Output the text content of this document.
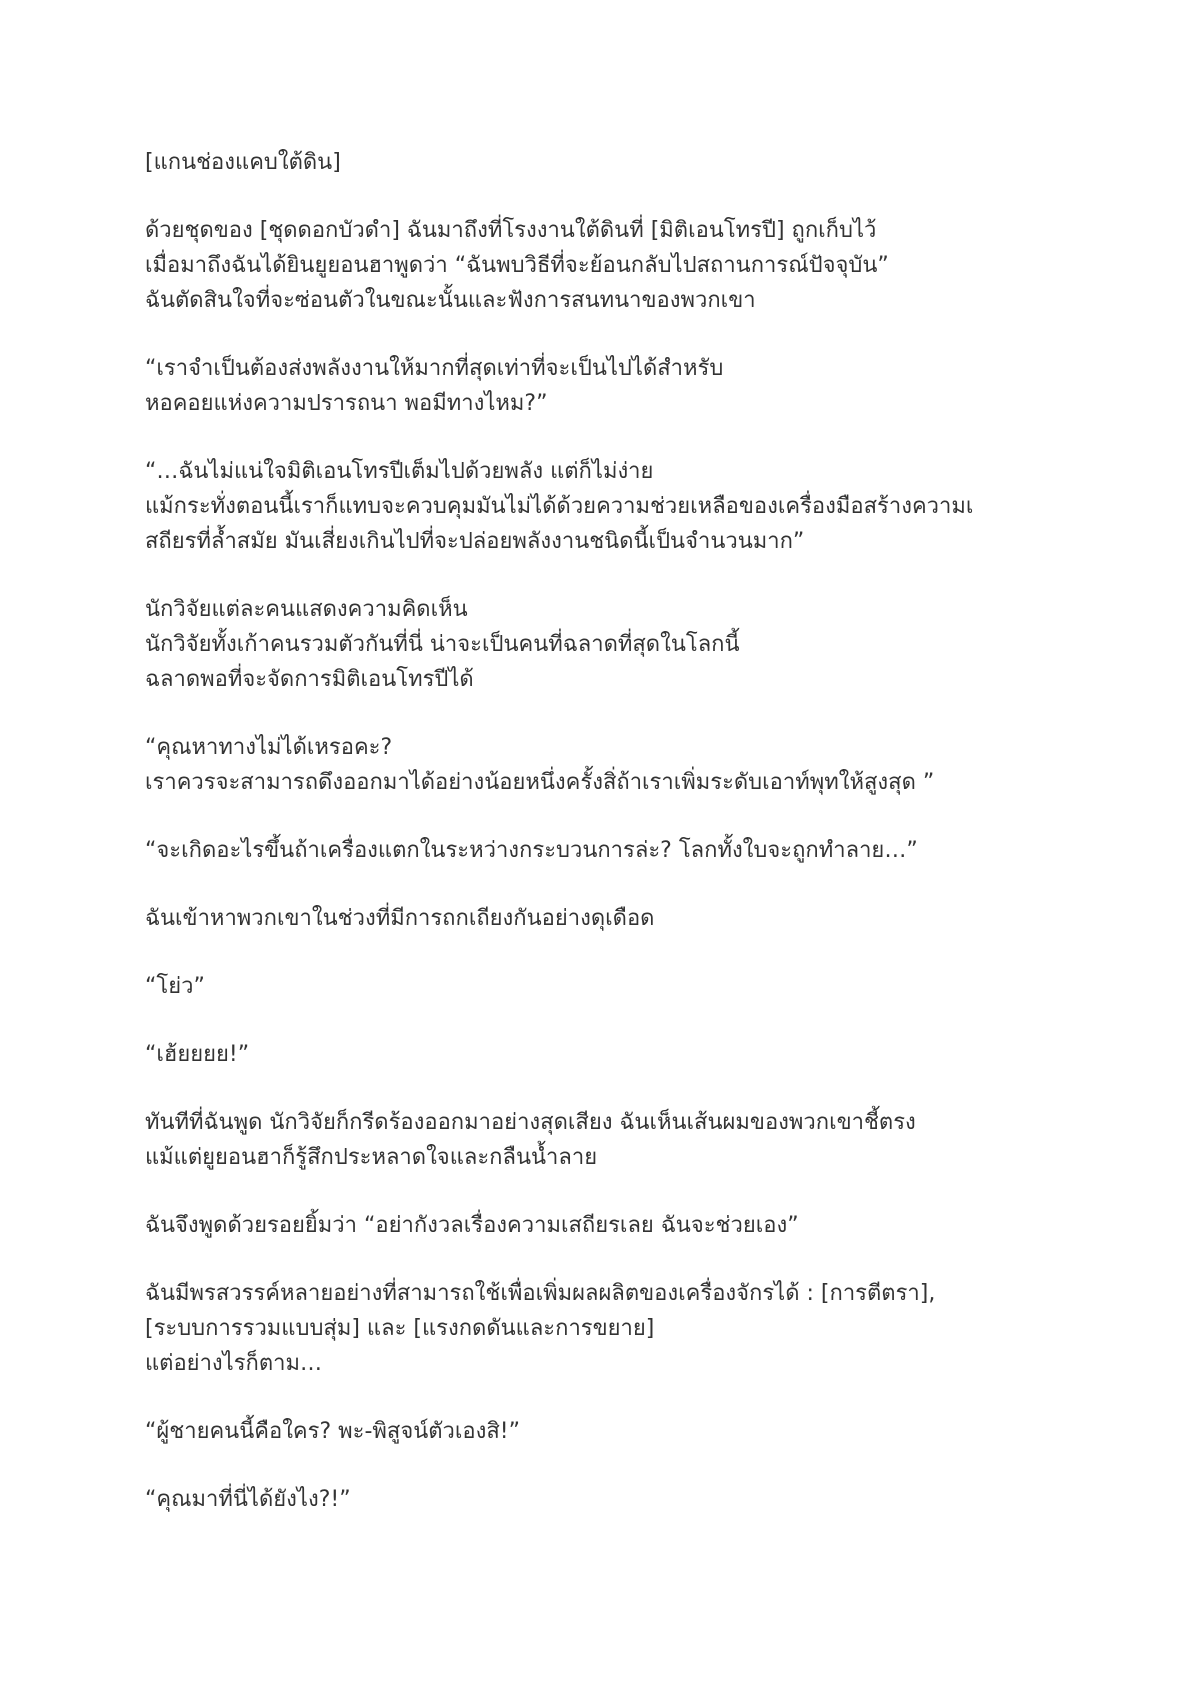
[แกนช่องแคบใต้ดิน]
ด้วยชุดของ [ชุดดอกบัวดำ] ฉันมาถึงที่โรงงานใต้ดินที่ [มิติเอนโทรปี] ถูกเก็บไว้
เมื่อมาถึงฉันได้ยินยูยอนฮาพูดว่า “ฉันพบวิธีที่จะย้อนกลับไปสถานการณ์ปัจจุบัน”
ฉันตัดสินใจที่จะซ่อนตัวในขณะนั้นและฟังการสนทนาของพวกเขา
“เราจำเป็นต้องส่งพลังงานให้มากที่สุดเท่าที่จะเป็นไปได้สำหรับ
หอคอยแห่งความปรารถนา พอมีทางไหม?”
“…ฉันไม่แน่ใจมิติเอนโทรปีเต็มไปด้วยพลัง แต่ก็ไม่ง่าย
แม้กระทั่งตอนนี้เราก็แทบจะควบคุมมันไม่ได้ด้วยความช่วยเหลือของเครื่องมือสร้างความเ
สถียรที่ล้ำสมัย มันเสี่ยงเกินไปที่จะปล่อยพลังงานชนิดนี้เป็นจำนวนมาก”
นักวิจัยแต่ละคนแสดงความคิดเห็น
นักวิจัยทั้งเก้าคนรวมตัวกันที่นี่ น่าจะเป็นคนที่ฉลาดที่สุดในโลกนี้
ฉลาดพอที่จะจัดการมิติเอนโทรปีได้
“คุณหาทางไม่ได้เหรอคะ?
เราควรจะสามารถดึงออกมาได้อย่างน้อยหนึ่งครั้งสิ่ถ้าเราเพิ่มระดับเอาท์พุทให้สูงสุด ”
“จะเกิดอะไรขึ้นถ้าเครื่องแตกในระหว่างกระบวนการล่ะ? โลกทั้งใบจะถูกทำลาย…”
ฉันเข้าหาพวกเขาในช่วงที่มีการถกเถียงกันอย่างดุเดือด
“โย่ว”
“เฮ้ยยยย!”
ทันทีที่ฉันพูด นักวิจัยก็กรีดร้องออกมาอย่างสุดเสียง ฉันเห็นเส้นผมของพวกเขาชี้ตรง
แม้แต่ยูยอนฮาก็รู้สึกประหลาดใจและกลืนน้ำลาย
ฉันจึงพูดด้วยรอยยิ้มว่า “อย่ากังวลเรื่องความเสถียรเลย ฉันจะช่วยเอง”
ฉันมีพรสวรรค์หลายอย่างที่สามารถใช้เพื่อเพิ่มผลผลิตของเครื่องจักรได้ : [การตีตรา],
[ระบบการรวมแบบสุ่ม] และ [แรงกดดันและการขยาย]
แต่อย่างไรก็ตาม…
“ผู้ชายคนนี้คือใคร? พะ-พิสูจน์ตัวเองสิ!”
“คุณมาที่นี่ได้ยังไง?!”
